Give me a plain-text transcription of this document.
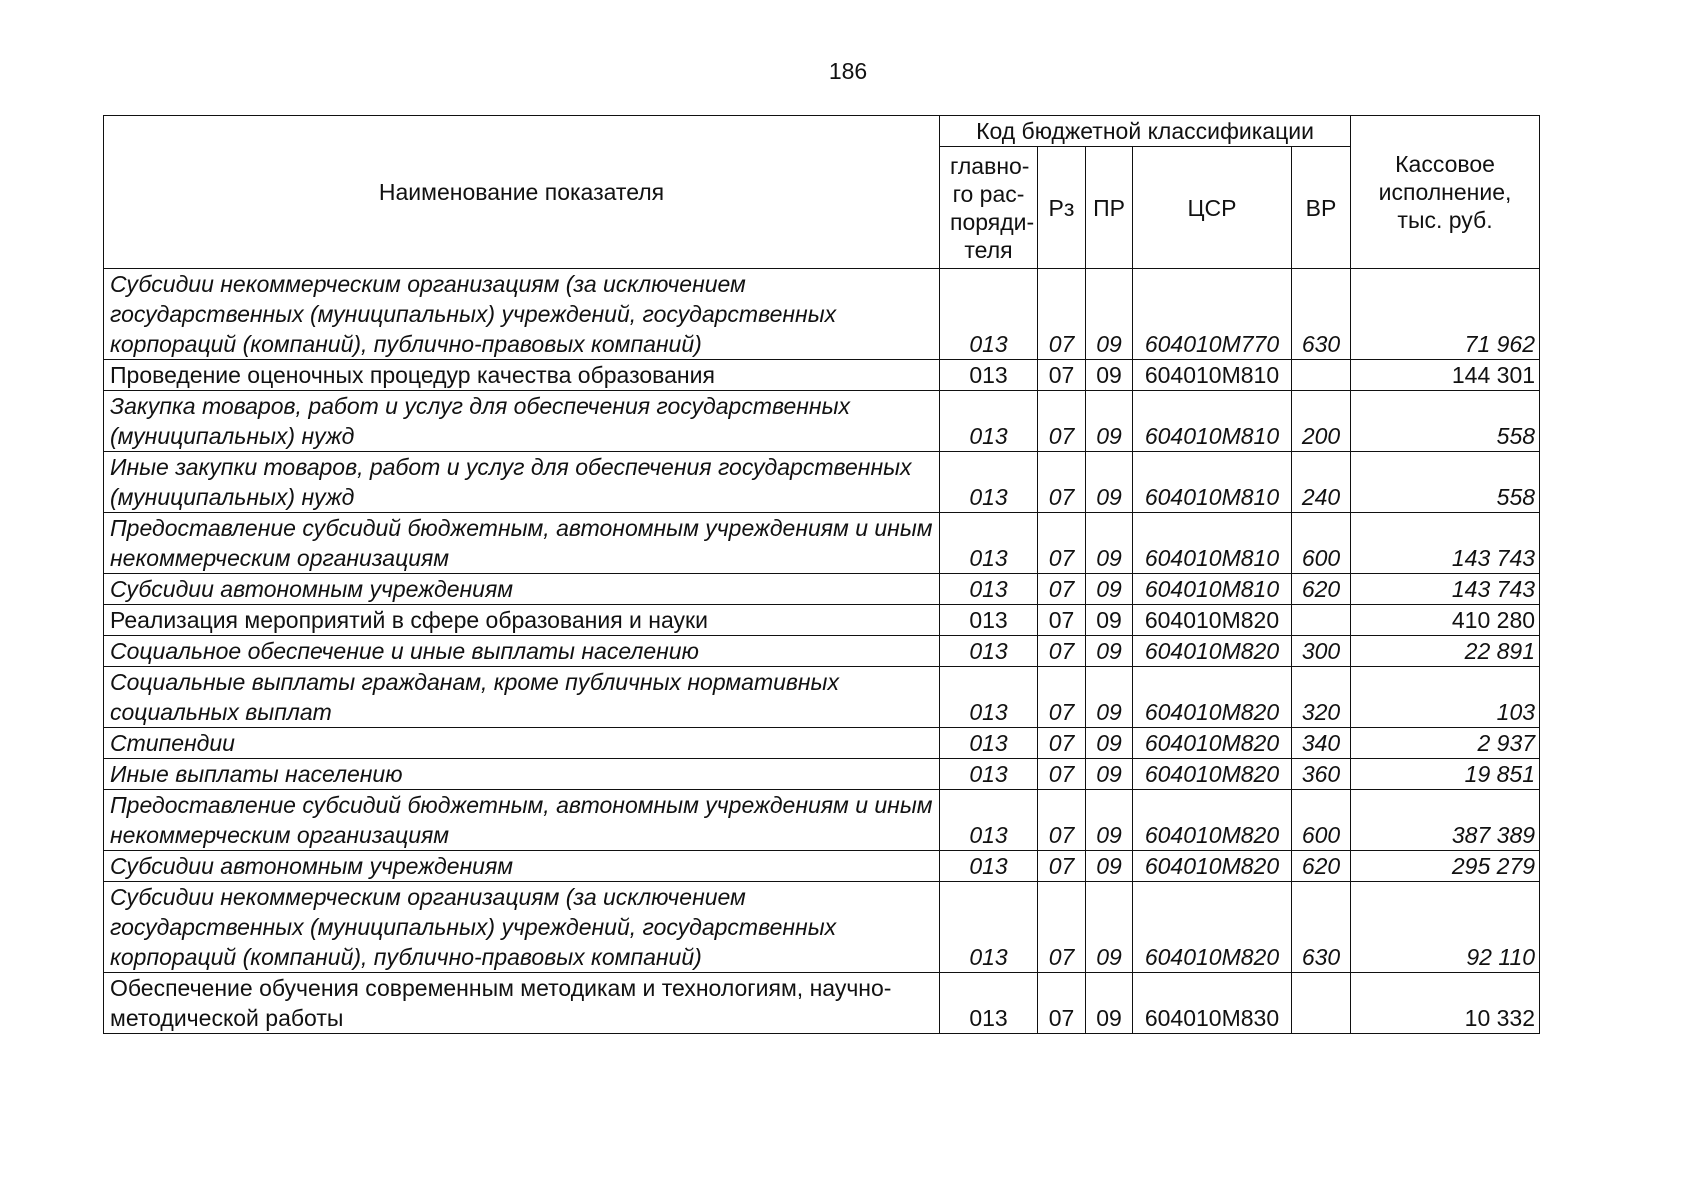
186
Наименование показателя	Код бюджетной классификации					Кассовое исполнение, тыс. руб.
	главно-го рас-поряди-теля	Рз	ПР	ЦСР	ВР	
Субсидии некоммерческим организациям (за исключением государственных (муниципальных) учреждений, государственных корпораций (компаний), публично-правовых компаний)	013	07	09	604010М770	630	71 962
Проведение оценочных процедур качества образования	013	07	09	604010М810		144 301
Закупка товаров, работ и услуг для обеспечения государственных (муниципальных) нужд	013	07	09	604010М810	200	558
Иные закупки товаров, работ и услуг для обеспечения государственных (муниципальных) нужд	013	07	09	604010М810	240	558
Предоставление субсидий бюджетным, автономным учреждениям и иным некоммерческим организациям	013	07	09	604010М810	600	143 743
Субсидии автономным учреждениям	013	07	09	604010М810	620	143 743
Реализация мероприятий в сфере образования и науки	013	07	09	604010М820		410 280
Социальное обеспечение и иные выплаты населению	013	07	09	604010М820	300	22 891
Социальные выплаты гражданам, кроме публичных нормативных социальных выплат	013	07	09	604010М820	320	103
Стипендии	013	07	09	604010М820	340	2 937
Иные выплаты населению	013	07	09	604010М820	360	19 851
Предоставление субсидий бюджетным, автономным учреждениям и иным некоммерческим организациям	013	07	09	604010М820	600	387 389
Субсидии автономным учреждениям	013	07	09	604010М820	620	295 279
Субсидии некоммерческим организациям (за исключением государственных (муниципальных) учреждений, государственных корпораций (компаний), публично-правовых компаний)	013	07	09	604010М820	630	92 110
Обеспечение обучения современным методикам и технологиям, научно-методической работы	013	07	09	604010М830		10 332
